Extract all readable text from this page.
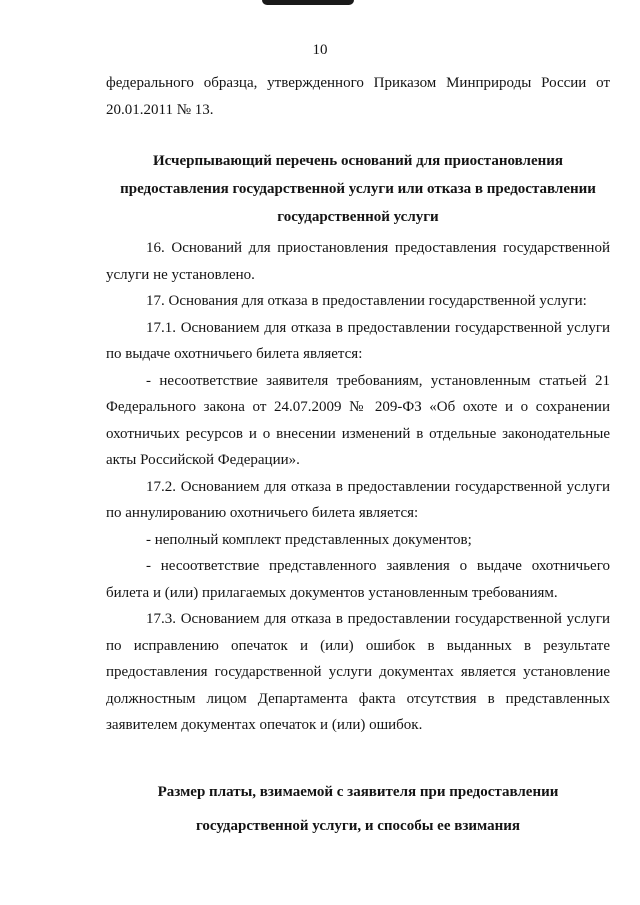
10

федерального образца, утвержденного Приказом Минприроды России от 20.01.2011 № 13.

Исчерпывающий перечень оснований для приостановления предоставления государственной услуги или отказа в предоставлении государственной услуги

16. Оснований для приостановления предоставления государственной услуги не установлено.

17. Основания для отказа в предоставлении государственной услуги:

17.1. Основанием для отказа в предоставлении государственной услуги по выдаче охотничьего билета является:

- несоответствие заявителя требованиям, установленным статьей 21 Федерального закона от 24.07.2009 № 209-ФЗ «Об охоте и о сохранении охотничьих ресурсов и о внесении изменений в отдельные законодательные акты Российской Федерации».

17.2. Основанием для отказа в предоставлении государственной услуги по аннулированию охотничьего билета является:

- неполный комплект представленных документов;

- несоответствие представленного заявления о выдаче охотничьего билета и (или) прилагаемых документов установленным требованиям.

17.3. Основанием для отказа в предоставлении государственной услуги по исправлению опечаток и (или) ошибок в выданных в результате предоставления государственной услуги документах является установление должностным лицом Департамента факта отсутствия в представленных заявителем документах опечаток и (или) ошибок.

Размер платы, взимаемой с заявителя при предоставлении государственной услуги, и способы ее взимания
